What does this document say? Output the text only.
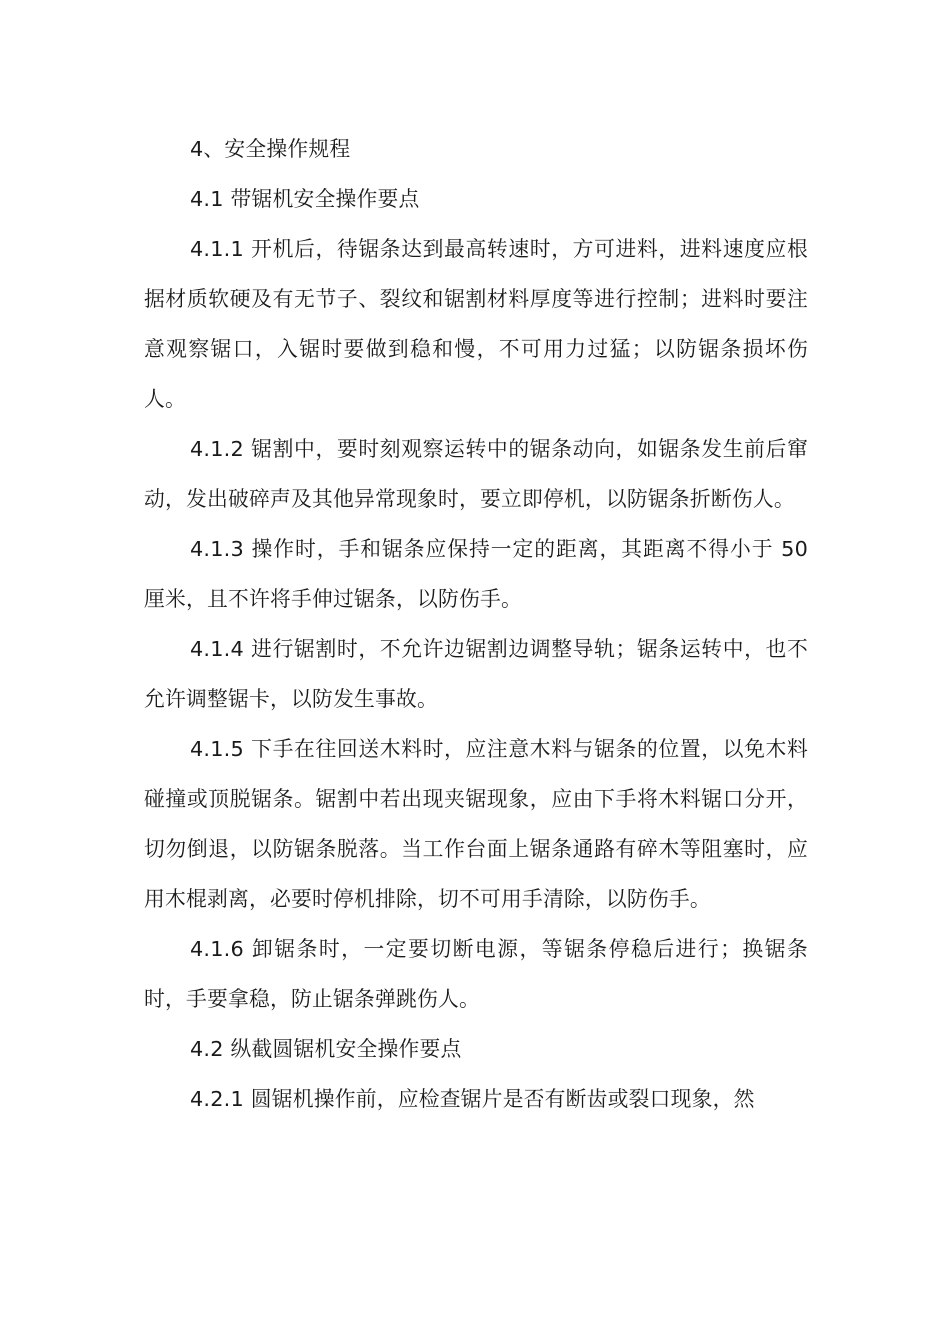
4、安全操作规程

4.1 带锯机安全操作要点

4.1.1 开机后，待锯条达到最高转速时，方可进料，进料速度应根据材质软硬及有无节子、裂纹和锯割材料厚度等进行控制；进料时要注意观察锯口，入锯时要做到稳和慢，不可用力过猛；以防锯条损坏伤人。

4.1.2 锯割中，要时刻观察运转中的锯条动向，如锯条发生前后窜动，发出破碎声及其他异常现象时，要立即停机，以防锯条折断伤人。

4.1.3 操作时，手和锯条应保持一定的距离，其距离不得小于 50 厘米，且不许将手伸过锯条，以防伤手。

4.1.4 进行锯割时，不允许边锯割边调整导轨；锯条运转中，也不允许调整锯卡，以防发生事故。

4.1.5 下手在往回送木料时，应注意木料与锯条的位置，以免木料碰撞或顶脱锯条。锯割中若出现夹锯现象，应由下手将木料锯口分开，切勿倒退，以防锯条脱落。当工作台面上锯条通路有碎木等阻塞时，应用木棍剥离，必要时停机排除，切不可用手清除，以防伤手。

4.1.6 卸锯条时，一定要切断电源，等锯条停稳后进行；换锯条时，手要拿稳，防止锯条弹跳伤人。

4.2 纵截圆锯机安全操作要点

4.2.1 圆锯机操作前，应检查锯片是否有断齿或裂口现象，然
